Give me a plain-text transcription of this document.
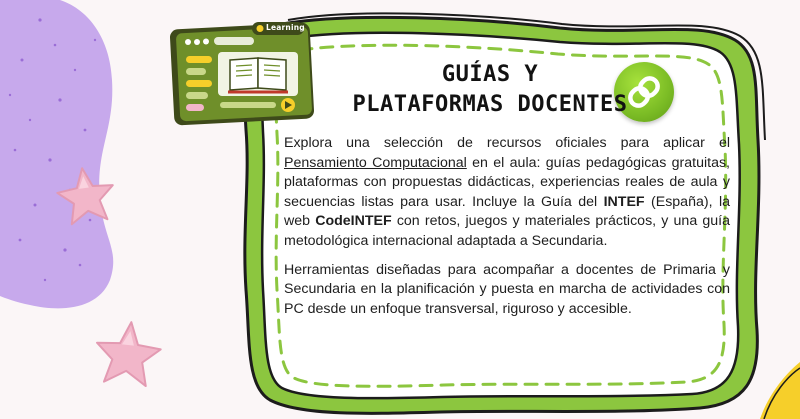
Learning
GUÍAS Y
PLATAFORMAS DOCENTES

Explora una selección de recursos oficiales para aplicar el Pensamiento Computacional en el aula: guías pedagógicas gratuitas, plataformas con propuestas didácticas, experiencias reales de aula y secuencias listas para usar. Incluye la Guía del INTEF (España), la web CodeINTEF con retos, juegos y materiales prácticos, y una guía metodológica internacional adaptada a Secundaria.

Herramientas diseñadas para acompañar a docentes de Primaria y Secundaria en la planificación y puesta en marcha de actividades con PC desde un enfoque transversal, riguroso y accesible.
